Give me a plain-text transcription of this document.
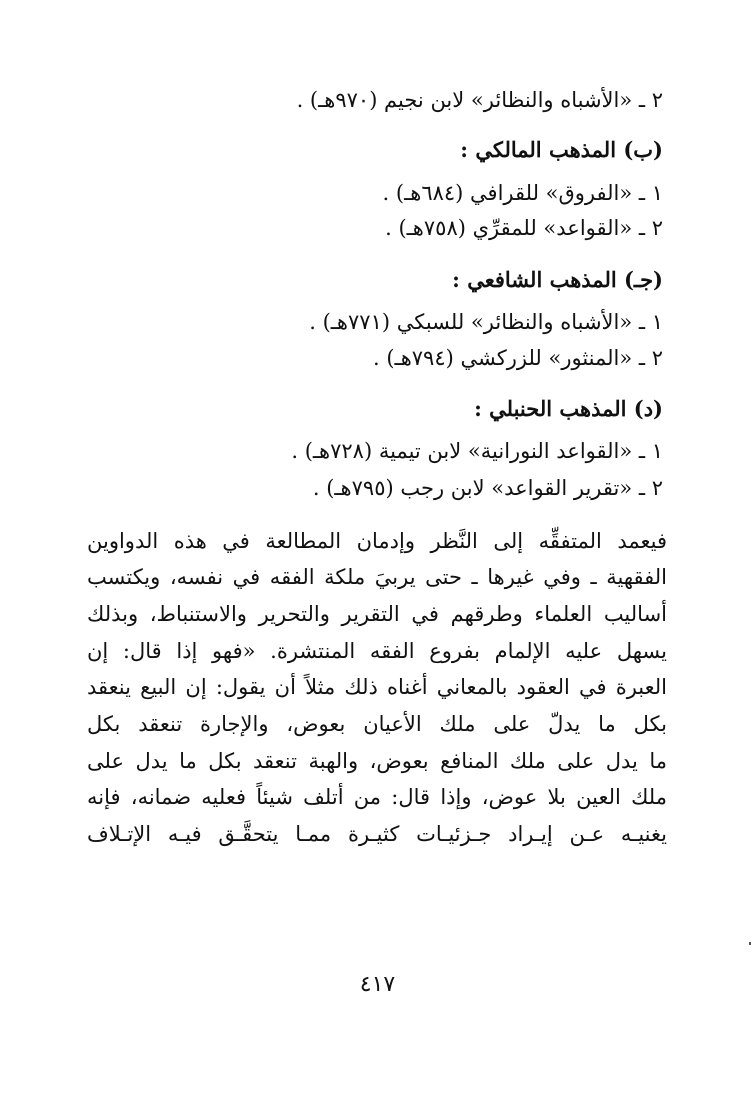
٢ ـ «الأشباه والنظائر» لابن نجيم (٩٧٠هـ) .
(ب) المذهب المالكي :
١ ـ «الفروق» للقرافي (٦٨٤هـ) .
٢ ـ «القواعد» للمقرِّي (٧٥٨هـ) .
(جـ) المذهب الشافعي :
١ ـ «الأشباه والنظائر» للسبكي (٧٧١هـ) .
٢ ـ «المنثور» للزركشي (٧٩٤هـ) .
(د) المذهب الحنبلي :
١ ـ «القواعد النورانية» لابن تيمية (٧٢٨هـ) .
٢ ـ «تقرير القواعد» لابن رجب (٧٩٥هـ) .
فيعمد المتفقِّه إلى النَّظر وإدمان المطالعة في هذه الدواوين
الفقهية ـ وفي غيرها ـ حتى يربيَ ملكة الفقه في نفسه، ويكتسب
أساليب العلماء وطرقهم في التقرير والتحرير والاستنباط، وبذلك
يسهل عليه الإلمام بفروع الفقه المنتشرة. «فهو إذا قال: إن
العبرة في العقود بالمعاني أغناه ذلك مثلاً أن يقول: إن البيع ينعقد
بكل ما يدلّ على ملك الأعيان بعوض، والإجارة تنعقد بكل
ما يدل على ملك المنافع بعوض، والهبة تنعقد بكل ما يدل على
ملك العين بلا عوض، وإذا قال: من أتلف شيئاً فعليه ضمانه، فإنه
يغنيـه عـن إيـراد جـزئيـات كثيـرة ممـا يتحقَّـق فيـه الإتـلاف
٤١٧
